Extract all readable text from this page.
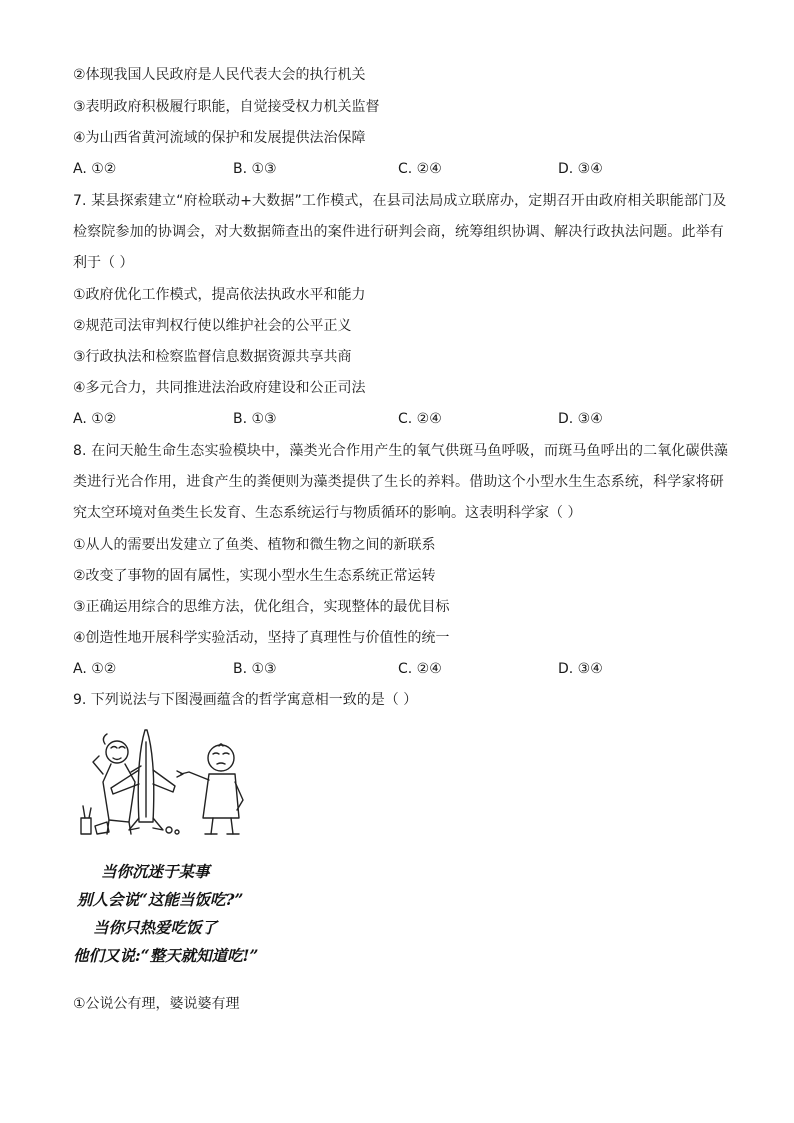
②体现我国人民政府是人民代表大会的执行机关
③表明政府积极履行职能，自觉接受权力机关监督
④为山西省黄河流域的保护和发展提供法治保障
A. ①②	B. ①③	C. ②④	D. ③④
7. 某县探索建立“府检联动+大数据”工作模式，在县司法局成立联席办，定期召开由政府相关职能部门及
检察院参加的协调会，对大数据筛查出的案件进行研判会商，统筹组织协调、解决行政执法问题。此举有
利于（ ）
①政府优化工作模式，提高依法执政水平和能力
②规范司法审判权行使以维护社会的公平正义
③行政执法和检察监督信息数据资源共享共商
④多元合力，共同推进法治政府建设和公正司法
A. ①②	B. ①③	C. ②④	D. ③④
8. 在问天舱生命生态实验模块中，藻类光合作用产生的氧气供斑马鱼呼吸，而斑马鱼呼出的二氧化碳供藻
类进行光合作用，进食产生的粪便则为藻类提供了生长的养料。借助这个小型水生生态系统，科学家将研
究太空环境对鱼类生长发育、生态系统运行与物质循环的影响。这表明科学家（ ）
①从人的需要出发建立了鱼类、植物和微生物之间的新联系
②改变了事物的固有属性，实现小型水生生态系统正常运转
③正确运用综合的思维方法，优化组合，实现整体的最优目标
④创造性地开展科学实验活动，坚持了真理性与价值性的统一
A. ①②	B. ①③	C. ②④	D. ③④
9. 下列说法与下图漫画蕴含的哲学寓意相一致的是（ ）
当你沉迷于某事
别人会说“这能当饭吃?”
当你只热爱吃饭了
他们又说:“整天就知道吃!”
①公说公有理，婆说婆有理
